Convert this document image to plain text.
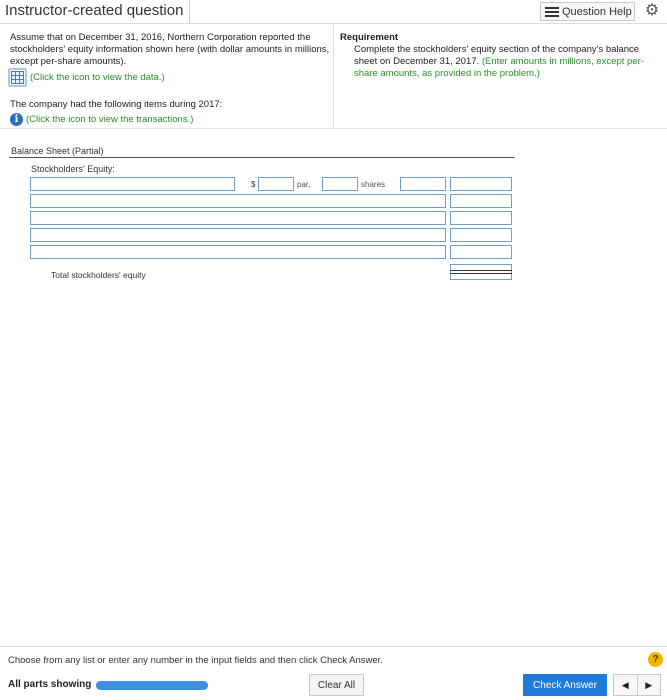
Instructor-created question	Question Help ⚙
Assume that on December 31, 2016, Northern Corporation reported the stockholders' equity information shown here (with dollar amounts in millions, except per-share amounts).
(Click the icon to view the data.)
The company had the following items during 2017:
i (Click the icon to view the transactions.)
Requirement
Complete the stockholders' equity section of the company's balance sheet on December 31, 2017. (Enter amounts in millions, except per-share amounts, as provided in the problem.)
Balance Sheet (Partial)
Stockholders' Equity:
$	par,	shares
Total stockholders' equity
Choose from any list or enter any number in the input fields and then click Check Answer.	?
All parts showing	Clear All	Check Answer	◀	▶
